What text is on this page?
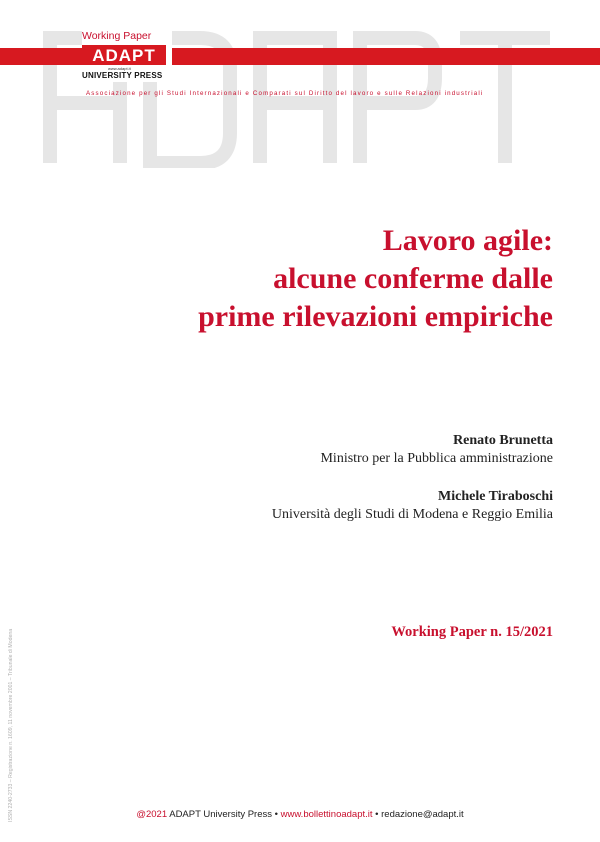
Working Paper
ADAPT
www.adapt.it
UNIVERSITY PRESS
Associazione per gli Studi Internazionali e Comparati sul Diritto del lavoro e sulle Relazioni industriali
Lavoro agile:
alcune conferme dalle
prime rilevazioni empiriche
Renato Brunetta
Ministro per la Pubblica amministrazione
Michele Tiraboschi
Università degli Studi di Modena e Reggio Emilia
Working Paper n. 15/2021
ISSN 2240-2733 – Registrazione n. 1609, 11 novembre 2001 – Tribunale di Modena	@2021 ADAPT University Press • www.bollettinoadapt.it • redazione@adapt.it
